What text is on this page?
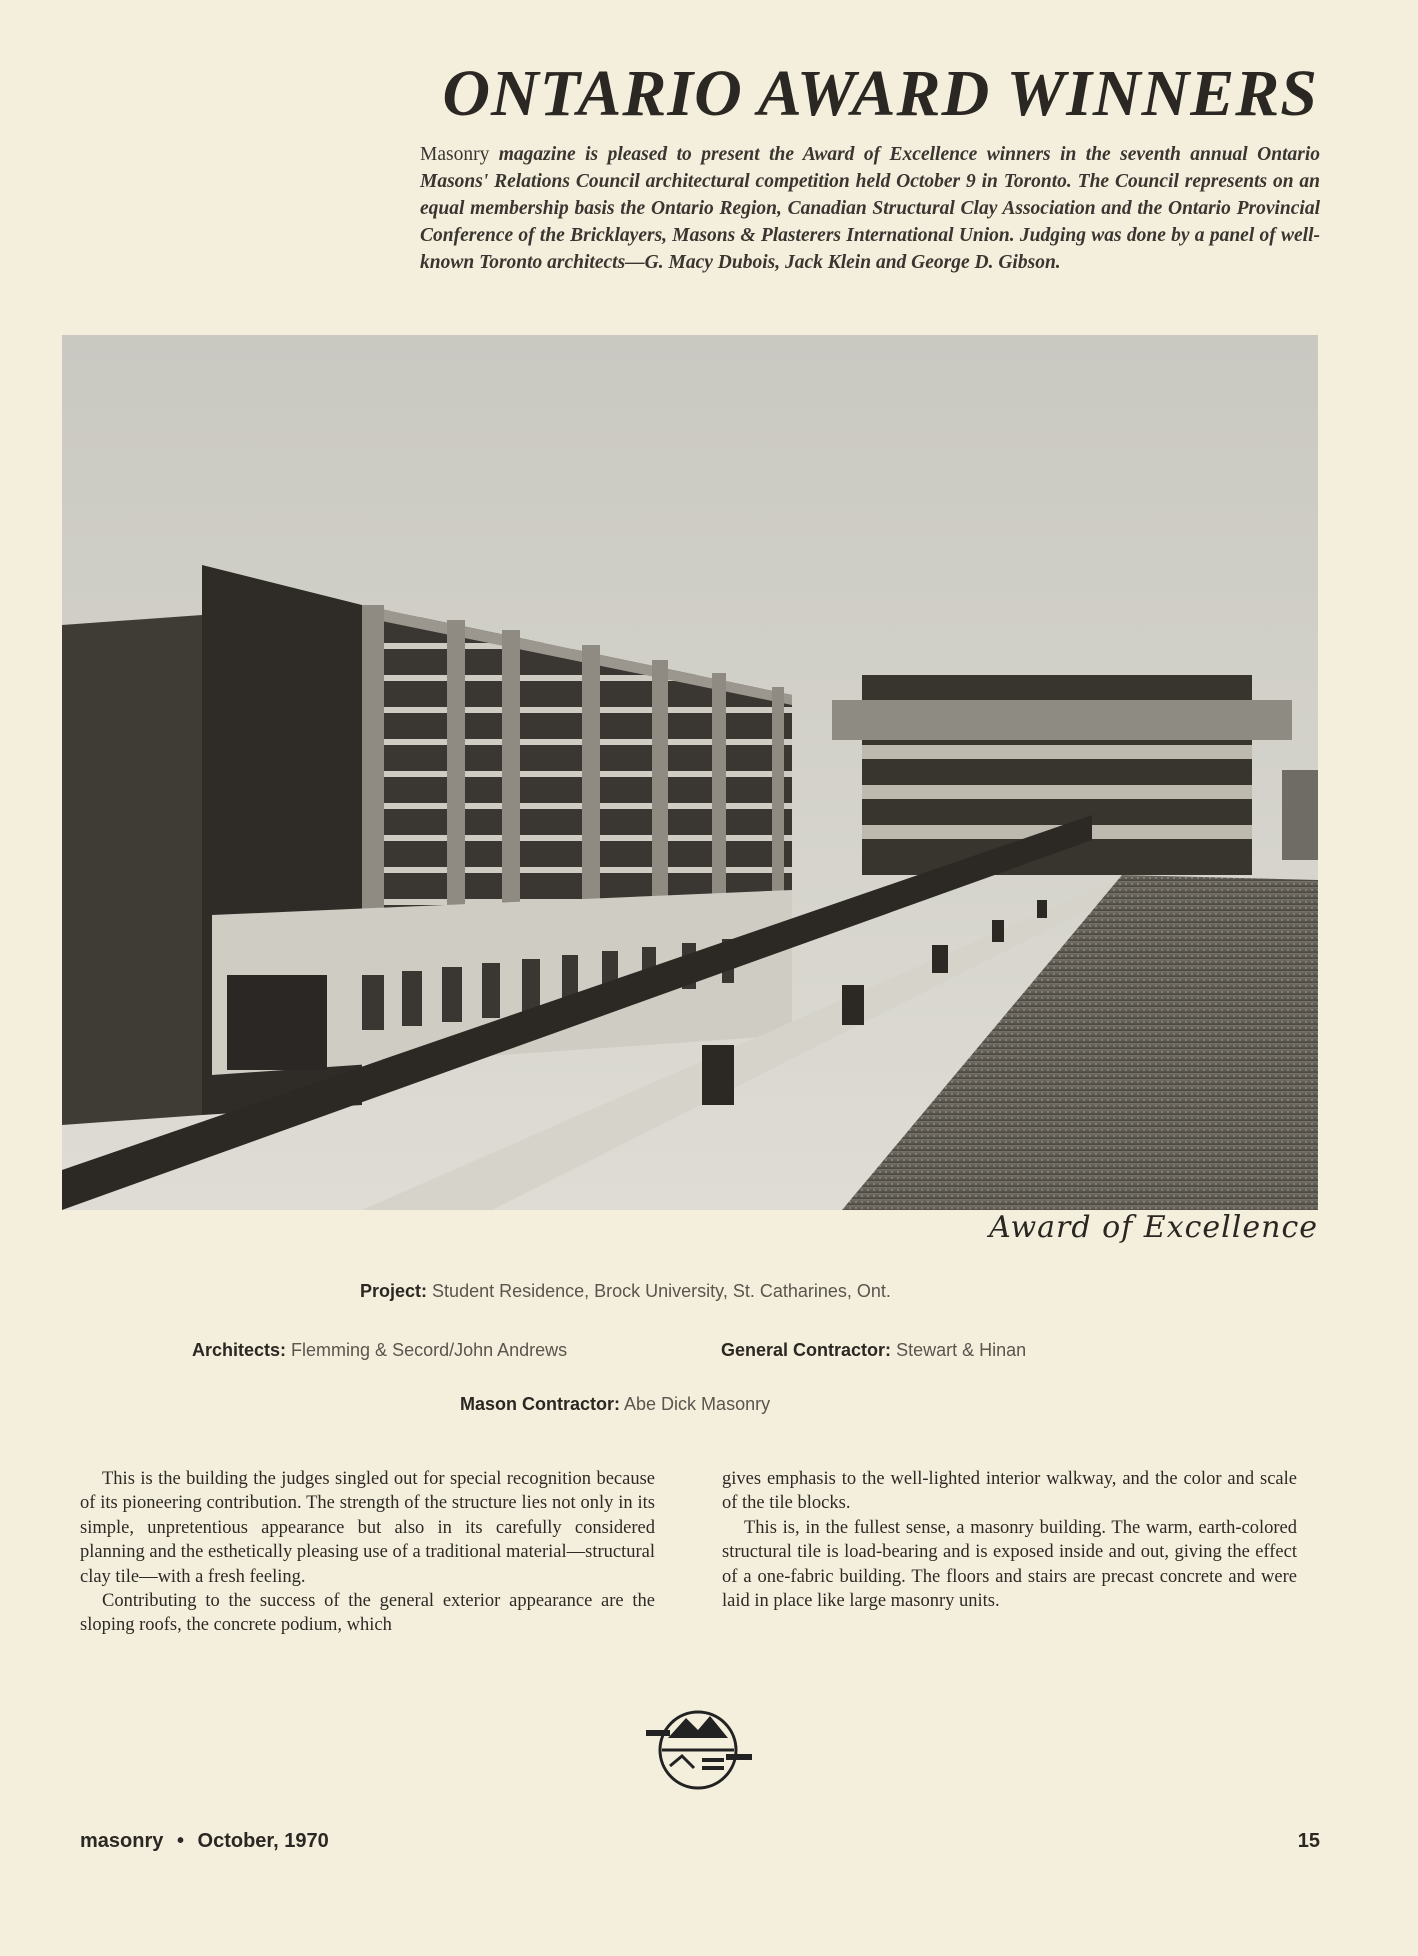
ONTARIO AWARD WINNERS

Masonry magazine is pleased to present the Award of Excellence winners in the seventh annual Ontario Masons' Relations Council architectural competition held October 9 in Toronto. The Council represents on an equal membership basis the Ontario Region, Canadian Structural Clay Association and the Ontario Provincial Conference of the Bricklayers, Masons & Plasterers International Union. Judging was done by a panel of well-known Toronto architects—G. Macy Dubois, Jack Klein and George D. Gibson.

Award of Excellence
Project: Student Residence, Brock University, St. Catharines, Ont.
Architects: Flemming & Secord/John Andrews	General Contractor: Stewart & Hinan
Mason Contractor: Abe Dick Masonry

This is the building the judges singled out for special recognition because of its pioneering contribution. The strength of the structure lies not only in its simple, unpretentious appearance but also in its carefully considered planning and the esthetically pleasing use of a traditional material—structural clay tile—with a fresh feeling.

Contributing to the success of the general exterior appearance are the sloping roofs, the concrete podium, which

gives emphasis to the well-lighted interior walkway, and the color and scale of the tile blocks.

This is, in the fullest sense, a masonry building. The warm, earth-colored structural tile is load-bearing and is exposed inside and out, giving the effect of a one-fabric building. The floors and stairs are precast concrete and were laid in place like large masonry units.

masonry • October, 1970	15
